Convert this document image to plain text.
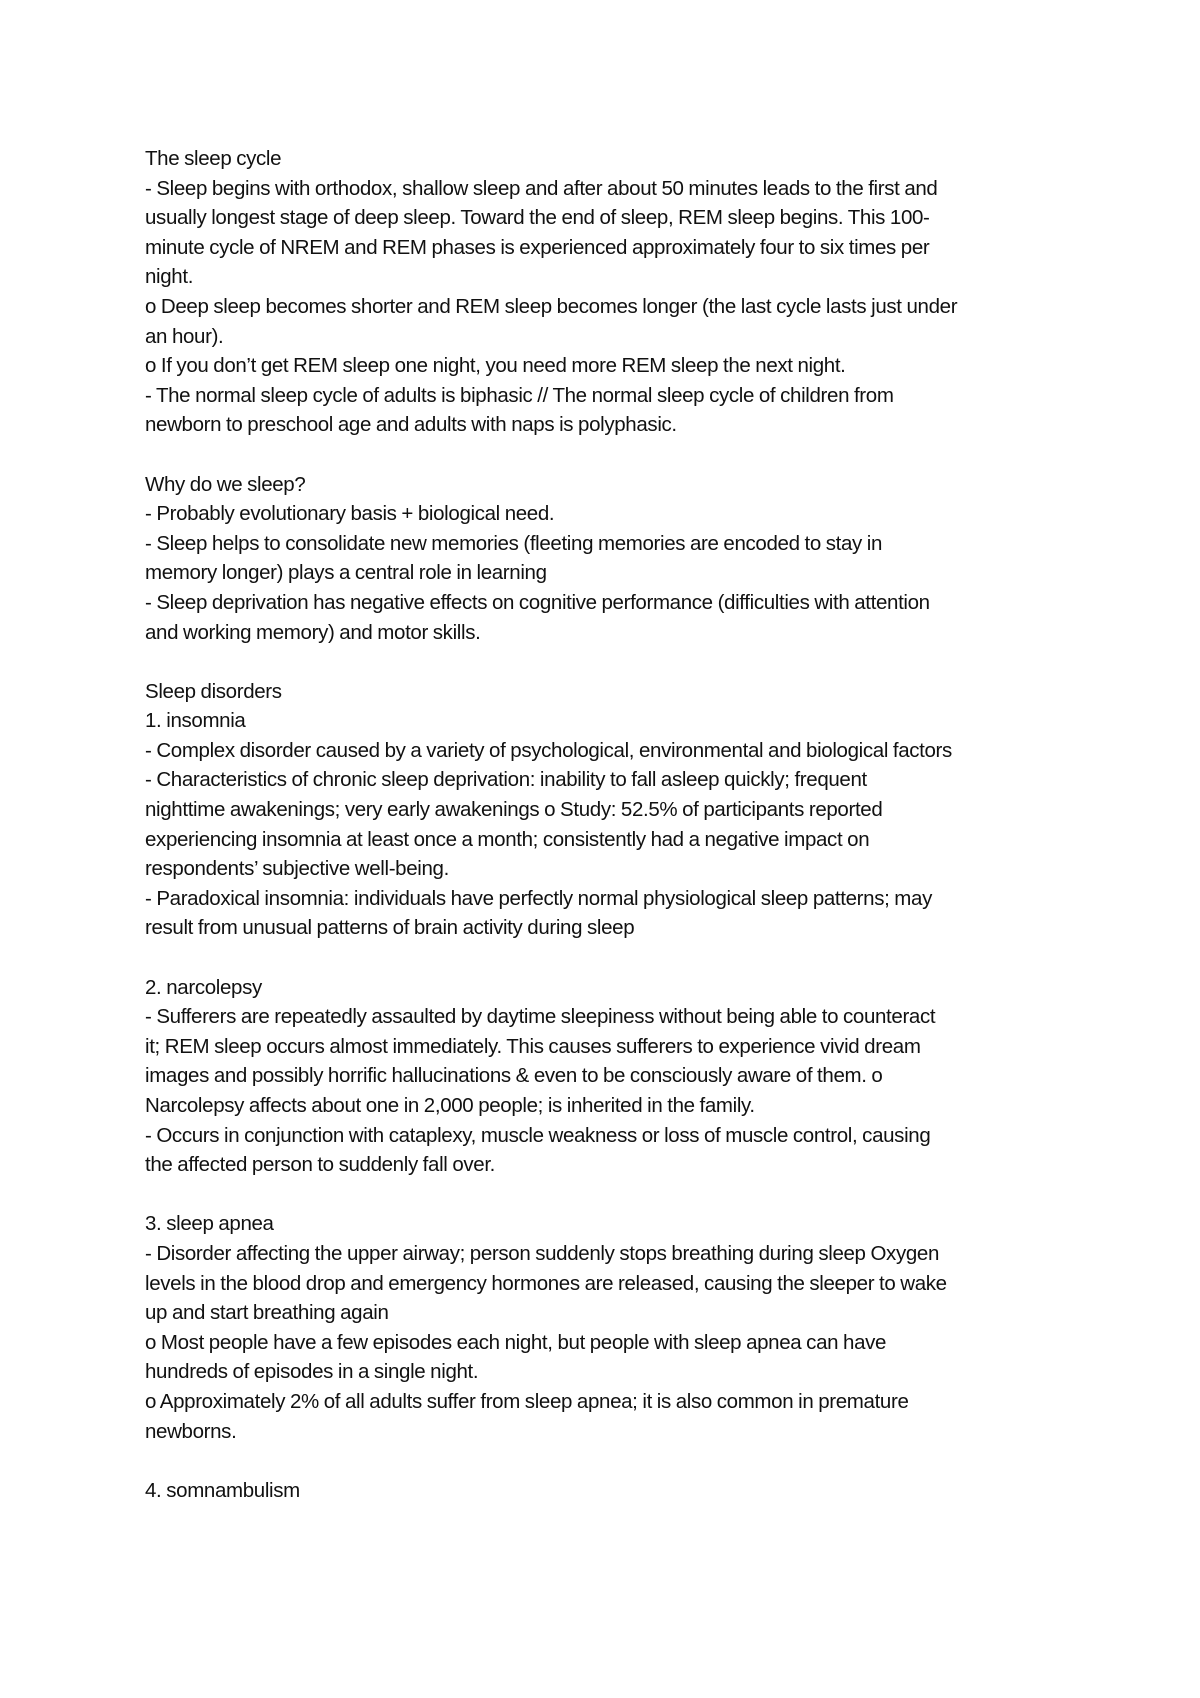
The sleep cycle

- Sleep begins with orthodox, shallow sleep and after about 50 minutes leads to the first and

usually longest stage of deep sleep. Toward the end of sleep, REM sleep begins. This 100-

minute cycle of NREM and REM phases is experienced approximately four to six times per

night.

o Deep sleep becomes shorter and REM sleep becomes longer (the last cycle lasts just under

an hour).

o If you don’t get REM sleep one night, you need more REM sleep the next night.

- The normal sleep cycle of adults is biphasic // The normal sleep cycle of children from

newborn to preschool age and adults with naps is polyphasic.

Why do we sleep?

- Probably evolutionary basis + biological need.

- Sleep helps to consolidate new memories (fleeting memories are encoded to stay in

memory longer) plays a central role in learning

- Sleep deprivation has negative effects on cognitive performance (difficulties with attention

and working memory) and motor skills.

Sleep disorders

1. insomnia

- Complex disorder caused by a variety of psychological, environmental and biological factors

- Characteristics of chronic sleep deprivation: inability to fall asleep quickly; frequent

nighttime awakenings; very early awakenings o Study: 52.5% of participants reported

experiencing insomnia at least once a month; consistently had a negative impact on

respondents’ subjective well-being.

- Paradoxical insomnia: individuals have perfectly normal physiological sleep patterns; may

result from unusual patterns of brain activity during sleep

2. narcolepsy

- Sufferers are repeatedly assaulted by daytime sleepiness without being able to counteract

it; REM sleep occurs almost immediately. This causes sufferers to experience vivid dream

images and possibly horrific hallucinations & even to be consciously aware of them. o

Narcolepsy affects about one in 2,000 people; is inherited in the family.

- Occurs in conjunction with cataplexy, muscle weakness or loss of muscle control, causing

the affected person to suddenly fall over.

3. sleep apnea

- Disorder affecting the upper airway; person suddenly stops breathing during sleep Oxygen

levels in the blood drop and emergency hormones are released, causing the sleeper to wake

up and start breathing again

o Most people have a few episodes each night, but people with sleep apnea can have

hundreds of episodes in a single night.

o Approximately 2% of all adults suffer from sleep apnea; it is also common in premature

newborns.

4. somnambulism
